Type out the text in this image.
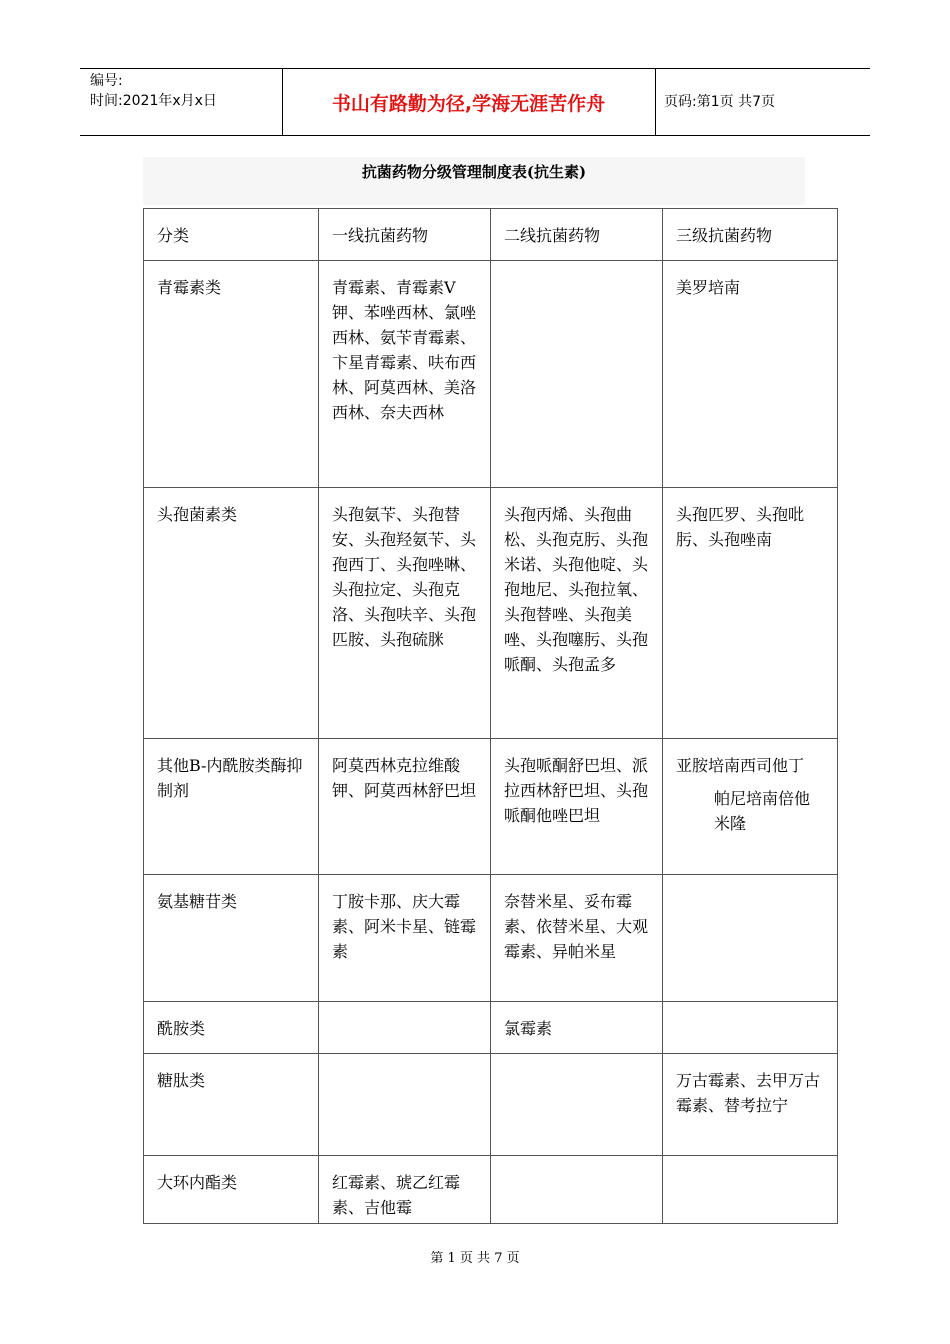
编号:
时间:2021年x月x日	书山有路勤为径,学海无涯苦作舟	页码:第1页 共7页
抗菌药物分级管理制度表(抗生素)
分类	一线抗菌药物	二线抗菌药物	三级抗菌药物
青霉素类	青霉素、青霉素V钾、苯唑西林、氯唑西林、氨苄青霉素、卞星青霉素、呋布西林、阿莫西林、美洛西林、奈夫西林		美罗培南
头孢菌素类	头孢氨苄、头孢替安、头孢羟氨苄、头孢西丁、头孢唑啉、头孢拉定、头孢克洛、头孢呋辛、头孢匹胺、头孢硫脒	头孢丙烯、头孢曲松、头孢克肟、头孢米诺、头孢他啶、头孢地尼、头孢拉氧、头孢替唑、头孢美唑、头孢噻肟、头孢哌酮、头孢孟多	头孢匹罗、头孢吡肟、头孢唑南
其他B-内酰胺类酶抑制剂	阿莫西林克拉维酸钾、阿莫西林舒巴坦	头孢哌酮舒巴坦、派拉西林舒巴坦、头孢哌酮他唑巴坦	亚胺培南西司他丁
帕尼培南倍他米隆

氨基糖苷类	丁胺卡那、庆大霉素、阿米卡星、链霉素	奈替米星、妥布霉素、依替米星、大观霉素、异帕米星	
酰胺类		氯霉素	
糖肽类			万古霉素、去甲万古霉素、替考拉宁
大环内酯类	红霉素、琥乙红霉素、吉他霉		
第 1 页 共 7 页
